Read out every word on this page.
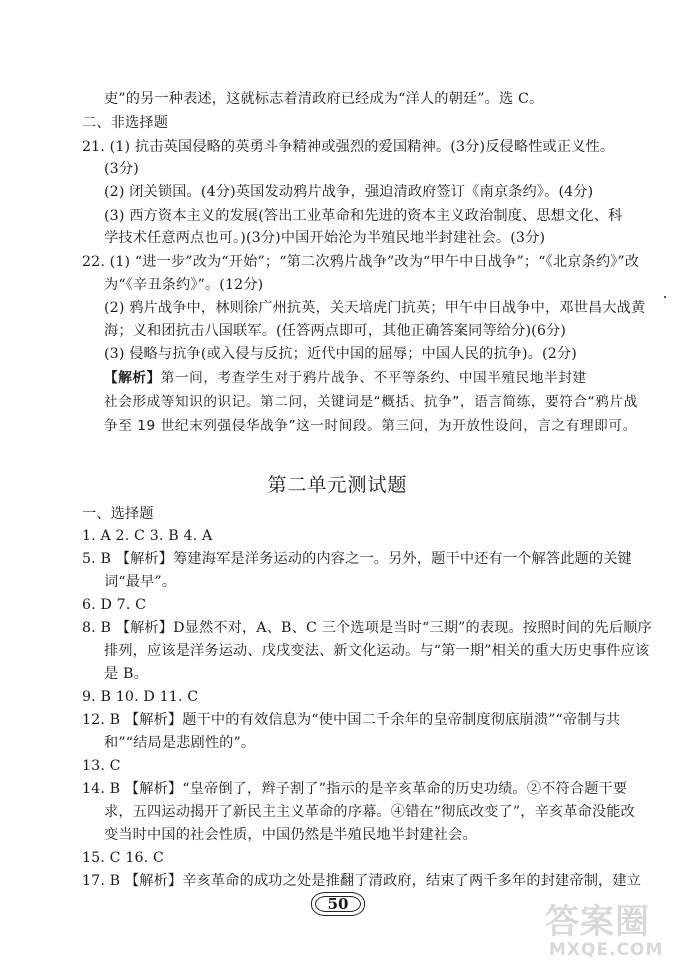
吏”的另一种表述，这就标志着清政府已经成为“洋人的朝廷”。选 C。
二、非选择题
21. (1) 抗击英国侵略的英勇斗争精神或强烈的爱国精神。(3分)反侵略性或正义性。
(3分)
(2) 闭关锁国。(4分)英国发动鸦片战争，强迫清政府签订《南京条约》。(4分)
(3) 西方资本主义的发展(答出工业革命和先进的资本主义政治制度、思想文化、科
学技术任意两点也可。)(3分)中国开始沦为半殖民地半封建社会。(3分)
22. (1) “进一步”改为“开始”；“第二次鸦片战争”改为“甲午中日战争”；“《北京条约》”改
为“《辛丑条约》”。(12分)
(2) 鸦片战争中，林则徐广州抗英，关天培虎门抗英；甲午中日战争中，邓世昌大战黄
海；义和团抗击八国联军。(任答两点即可，其他正确答案同等给分)(6分)
(3) 侵略与抗争(或入侵与反抗；近代中国的屈辱；中国人民的抗争)。(2分)
【解析】第一问，考查学生对于鸦片战争、不平等条约、中国半殖民地半封建
社会形成等知识的识记。第二问，关键词是“概括、抗争”，语言简练，要符合“鸦片战
争至 19 世纪末列强侵华战争”这一时间段。第三问，为开放性设问，言之有理即可。
第二单元测试题
一、选择题
1. A 2. C 3. B 4. A
5. B 【解析】筹建海军是洋务运动的内容之一。另外，题干中还有一个解答此题的关键
词“最早”。
6. D 7. C
8. B 【解析】D显然不对，A、B、C 三个选项是当时“三期”的表现。按照时间的先后顺序
排列，应该是洋务运动、戊戌变法、新文化运动。与“第一期”相关的重大历史事件应该
是 B。
9. B 10. D 11. C
12. B 【解析】题干中的有效信息为“使中国二千余年的皇帝制度彻底崩溃”“帝制与共
和”“结局是悲剧性的”。
13. C
14. B 【解析】“皇帝倒了，辫子割了”指示的是辛亥革命的历史功绩。②不符合题干要
求，五四运动揭开了新民主主义革命的序幕。④错在“彻底改变了”，辛亥革命没能改
变当时中国的社会性质，中国仍然是半殖民地半封建社会。
15. C 16. C
17. B 【解析】辛亥革命的成功之处是推翻了清政府，结束了两千多年的封建帝制，建立
50	答案圈
MXQE.COM
